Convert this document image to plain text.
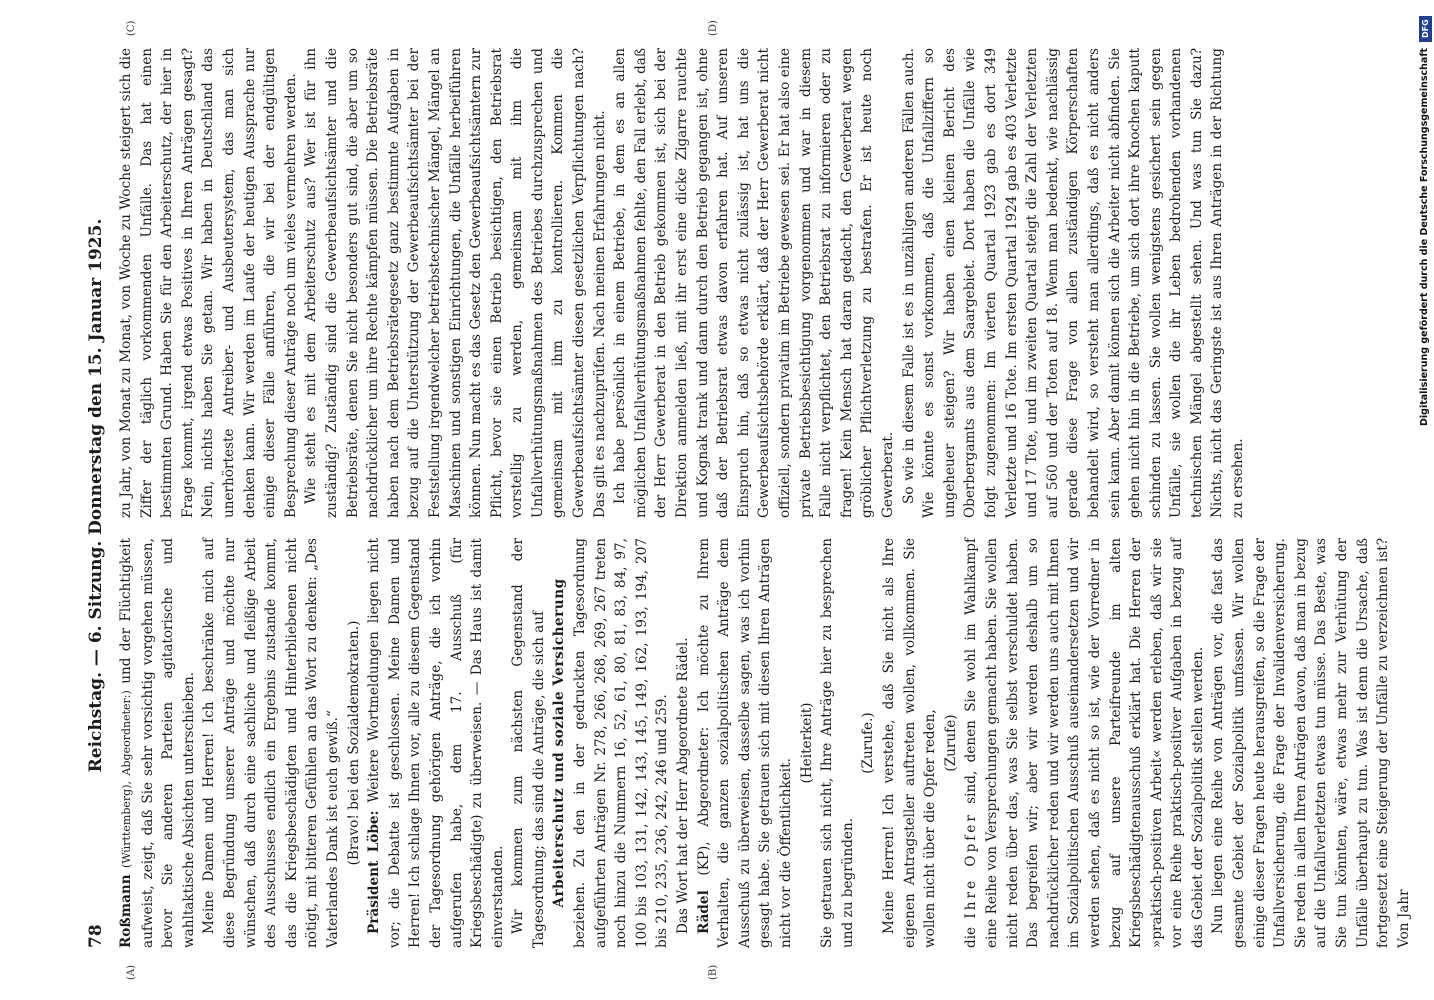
78
Reichstag. — 6. Sitzung. Donnerstag den 15. Januar 1925.
(A)	(B)
(C)	(D)

Roßmann (Württemberg), Abgeordneter:) und der Flüchtigkeit aufweist, zeigt, daß Sie sehr vorsichtig vorgehen müssen, bevor Sie anderen Parteien agitatorische und wahltaktische Absichten unterschieben. Meine Damen und Herren! Ich beschränke mich auf diese Begründung unserer Anträge und möchte nur wünschen, daß durch eine sachliche und fleißige Arbeit des Ausschusses endlich ein Ergebnis zustande kommt, das die Kriegsbeschädigten und Hinterbliebenen nicht nötigt, mit bitteren Gefühlen an das Wort zu denken: „Des Vaterlandes Dank ist euch gewiß.“ (Bravo! bei den Sozialdemokraten.)

Präsident Löbe: Weitere Wortmeldungen liegen nicht vor; die Debatte ist geschlossen. Meine Damen und Herren! Ich schlage Ihnen vor, alle zu diesem Gegenstand der Tagesordnung gehörigen Anträge, die ich vorhin aufgerufen habe, dem 17. Ausschuß (für Kriegsbeschädigte) zu überweisen. — Das Haus ist damit einverstanden. Wir kommen zum nächsten Gegenstand der Tagesordnung; das sind die Anträge, die sich auf Arbeiterschutz und soziale Versicherung beziehen. Zu den in der gedruckten Tagesordnung aufgeführten Anträgen Nr. 278, 266, 268, 269, 267 treten noch hinzu die Nummern 16, 52, 61, 80, 81, 83, 84, 97, 100 bis 103, 131, 142, 143, 145, 149, 162, 193, 194, 207 bis 210, 235, 236, 242, 246 und 259. Das Wort hat der Herr Abgeordnete Rädel. Rädel (KP), Abgeordneter: Ich möchte zu Ihrem Verhalten, die ganzen sozialpolitischen Anträge dem Ausschuß zu überweisen, dasselbe sagen, was ich vorhin gesagt habe. Sie getrauen sich mit diesen Ihren Anträgen nicht vor die Öffentlichkeit.

(Heiterkeit) Sie getrauen sich nicht, Ihre Anträge hier zu besprechen und zu begründen.

(Zurufe.) Meine Herren! Ich verstehe, daß Sie nicht als Ihre eigenen Antragsteller auftreten wollen, vollkommen. Sie wollen nicht über die Opfer reden, (Zurufe)

die Ihre Opfer sind, denen Sie wohl im Wahlkampf eine Reihe von Versprechungen gemacht haben. Sie wollen nicht reden über das, was Sie selbst verschuldet haben. Das begreifen wir; aber wir werden deshalb um so nachdrücklicher reden und wir werden uns auch mit Ihnen im Sozialpolitischen Ausschuß auseinandersetzen und wir werden sehen, daß es nicht so ist, wie der Vorredner in bezug auf unsere Parteifreunde im alten Kriegsbeschädigtenausschuß erklärt hat. Die Herren der »praktisch-positiven Arbeit« werden erleben, daß wir sie vor eine Reihe praktisch-positiver Aufgaben in bezug auf das Gebiet der Sozialpolitik stellen werden. Nun liegen eine Reihe von Anträgen vor, die fast das gesamte Gebiet der Sozialpolitik umfassen. Wir wollen einige dieser Fragen heute herausgreifen, so die Frage der Unfallversicherung, die Frage der Invalidenversicherung. Sie reden in allen Ihren Anträgen davon, daß man in bezug auf die Unfallverletzten etwas tun müsse. Das Beste, was Sie tun könnten, wäre, etwas mehr zur Verhütung der Unfälle überhaupt zu tun. Was ist denn die Ursache, daß fortgesetzt eine Steigerung der Unfälle zu verzeichnen ist? Von Jahr

zu Jahr, von Monat zu Monat, von Woche zu Woche steigert sich die Ziffer der täglich vorkommenden Unfälle. Das hat einen bestimmten Grund. Haben Sie für den Arbeiterschutz, der hier in Frage kommt, irgend etwas Positives in Ihren Anträgen gesagt? Nein, nichts haben Sie getan. Wir haben in Deutschland das unerhörteste Antreiber- und Ausbeutersystem, das man sich denken kann. Wir werden im Laufe der heutigen Aussprache nur einige dieser Fälle anführen, die wir bei der endgültigen Besprechung dieser Anträge noch um vieles vermehren werden. Wie steht es mit dem Arbeiterschutz aus? Wer ist für ihn zuständig? Zuständig sind die Gewerbeaufsichtsämter und die Betriebsräte, denen Sie nicht besonders gut sind, die aber um so nachdrücklicher um ihre Rechte kämpfen müssen. Die Betriebsräte haben nach dem Betriebsrätegesetz ganz bestimmte Aufgaben in bezug auf die Unterstützung der Gewerbeaufsichtsämter bei der Feststellung irgendwelcher betriebstechnischer Mängel, Mängel an Maschinen und sonstigen Einrichtungen, die Unfälle herbeiführen können. Nun macht es das Gesetz den Gewerbeaufsichtsämtern zur Pflicht, bevor sie einen Betrieb besichtigen, den Betriebsrat vorstellig zu werden, gemeinsam mit ihm die Unfallverhütungsmaßnahmen des Betriebes durchzusprechen und gemeinsam mit ihm zu kontrollieren. Kommen die Gewerbeaufsichtsämter diesen gesetzlichen Verpflichtungen nach? Das gilt es nachzuprüfen. Nach meinen Erfahrungen nicht. Ich habe persönlich in einem Betriebe, in dem es an allen möglichen Unfallverhütungsmaßnahmen fehlte, den Fall erlebt, daß der Herr Gewerberat in den Betrieb gekommen ist, sich bei der Direktion anmelden ließ, mit ihr erst eine dicke Zigarre rauchte und Kognak trank und dann durch den Betrieb gegangen ist, ohne daß der Betriebsrat etwas davon erfahren hat. Auf unseren Einspruch hin, daß so etwas nicht zulässig ist, hat uns die Gewerbeaufsichtsbehörde erklärt, daß der Herr Gewerberat nicht offiziell, sondern privatim im Betriebe gewesen sei. Er hat also eine private Betriebsbesichtigung vorgenommen und war in diesem Falle nicht verpflichtet, den Betriebsrat zu informieren oder zu fragen! Kein Mensch hat daran gedacht, den Gewerberat wegen gröblicher Pflichtverletzung zu bestrafen. Er ist heute noch Gewerberat. So wie in diesem Falle ist es in unzähligen anderen Fällen auch. Wie könnte es sonst vorkommen, daß die Unfallziffern so ungeheuer steigen? Wir haben einen kleinen Bericht des Oberbergamts aus dem Saargebiet. Dort haben die Unfälle wie folgt zugenommen: Im vierten Quartal 1923 gab es dort 349 Verletzte und 16 Tote. Im ersten Quartal 1924 gab es 403 Verletzte und 17 Tote, und im zweiten Quartal steigt die Zahl der Verletzten auf 560 und der Toten auf 18. Wenn man bedenkt, wie nachlässig gerade diese Frage von allen zuständigen Körperschaften behandelt wird, so versteht man allerdings, daß es nicht anders sein kann. Aber damit können sich die Arbeiter nicht abfinden. Sie gehen nicht hin in die Betriebe, um sich dort ihre Knochen kaputt schinden zu lassen. Sie wollen wenigstens gesichert sein gegen Unfälle, sie wollen die ihr Leben bedrohenden vorhandenen technischen Mängel abgestellt sehen. Und was tun Sie dazu? Nichts, nicht das Geringste ist aus Ihren Anträgen in der Richtung zu ersehen.

DFG
Digitalisierung gefördert durch die Deutsche Forschungsgemeinschaft
